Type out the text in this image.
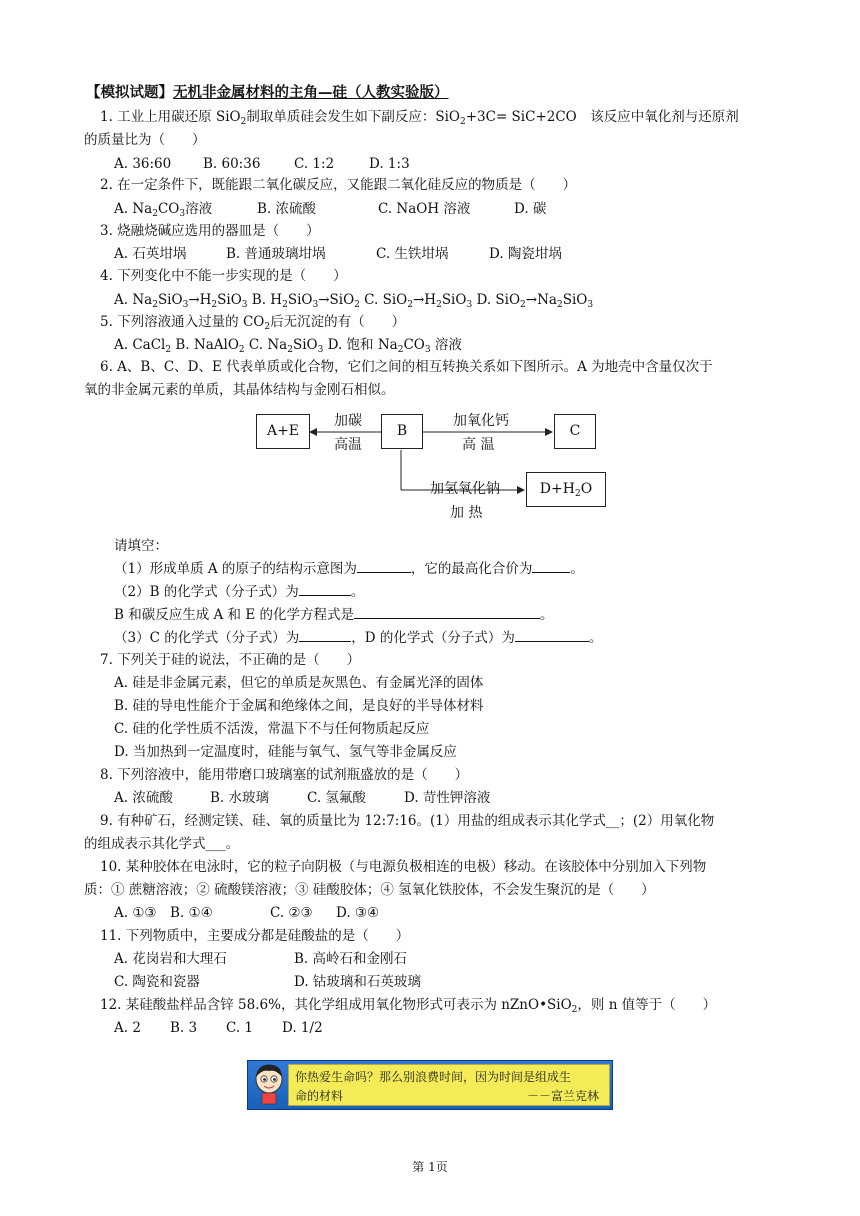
【模拟试题】无机非金属材料的主角—硅（人教实验版）
1. 工业上用碳还原 SiO$_2$制取单质硅会发生如下副反应：SiO$_2$+3C= SiC+2CO　该反应中氧化剂与还原剂
的质量比为（　　）
A. 36:60 B. 60:36 C. 1:2	D. 1:3
2. 在一定条件下，既能跟二氧化碳反应，又能跟二氧化硅反应的物质是（　　）
A. $Na_2CO_3$溶液	B. 浓硫酸	C. NaOH 溶液	D. 碳
3. 烧融烧碱应选用的器皿是（　　）
A. 石英坩埚	B. 普通玻璃坩埚	C. 生铁坩埚	D. 陶瓷坩埚
4. 下列变化中不能一步实现的是（　　）
A. $Na_2SiO_3\to H_2SiO_3$ B. $H_2SiO_3\to SiO_2$ C. $SiO_2\to H_2SiO_3$ D. $SiO_2\to Na_2SiO_3$
5. 下列溶液通入过量的 $CO_2$后无沉淀的有（　　）
A. CaCl$_2$ B. NaAlO$_2$ C. $Na_2SiO_3$ D. 饱和 $Na_2CO_3$ 溶液
6. A、B、C、D、E 代表单质或化合物，它们之间的相互转换关系如下图所示。A 为地壳中含量仅次于
氧的非金属元素的单质，其晶体结构与金刚石相似。
A+E	B	C
$D+H_2O$
加碳
高温
加氧化钙
高 温
加氢氧化钠
加 热
请填空：
（1）形成单质 A 的原子的结构示意图为	，它的最高化合价为	。
（2）B 的化学式（分子式）为	。
B 和碳反应生成 A 和 E 的化学方程式是	。
（3）C 的化学式（分子式）为	，D 的化学式（分子式）为	。
7. 下列关于硅的说法，不正确的是（　　）
A. 硅是非金属元素，但它的单质是灰黑色、有金属光泽的固体
B. 硅的导电性能介于金属和绝缘体之间，是良好的半导体材料
C. 硅的化学性质不活泼，常温下不与任何物质起反应
D. 当加热到一定温度时，硅能与氧气、氢气等非金属反应
8. 下列溶液中，能用带磨口玻璃塞的试剂瓶盛放的是（　　）
A. 浓硫酸	B. 水玻璃	C. 氢氟酸	D. 苛性钾溶液
9. 有种矿石，经测定镁、硅、氧的质量比为 12:7:16。(1）用盐的组成表示其化学式__；(2）用氧化物
的组成表示其化学式___。
10. 某种胶体在电泳时，它的粒子向阴极（与电源负极相连的电极）移动。在该胶体中分别加入下列物
质：① 蔗糖溶液；② 硫酸镁溶液；③ 硅酸胶体；④ 氢氧化铁胶体，不会发生聚沉的是（　　）
A. ①③ B. ①④	C. ②③ D. ③④
11. 下列物质中，主要成分都是硅酸盐的是（　　）
A. 花岗岩和大理石	B. 高岭石和金刚石
C. 陶瓷和瓷器	D. 钴玻璃和石英玻璃
12. 某硅酸盐样品含锌 58.6%，其化学组成用氧化物形式可表示为 nZnO•SiO$_2$，则 n 值等于（　　）
A. 2 B. 3 C. 1 D. 1/2
你热爱生命吗？那么别浪费时间，因为时间是组成生
命的材料	－－富兰克林
第 1页
